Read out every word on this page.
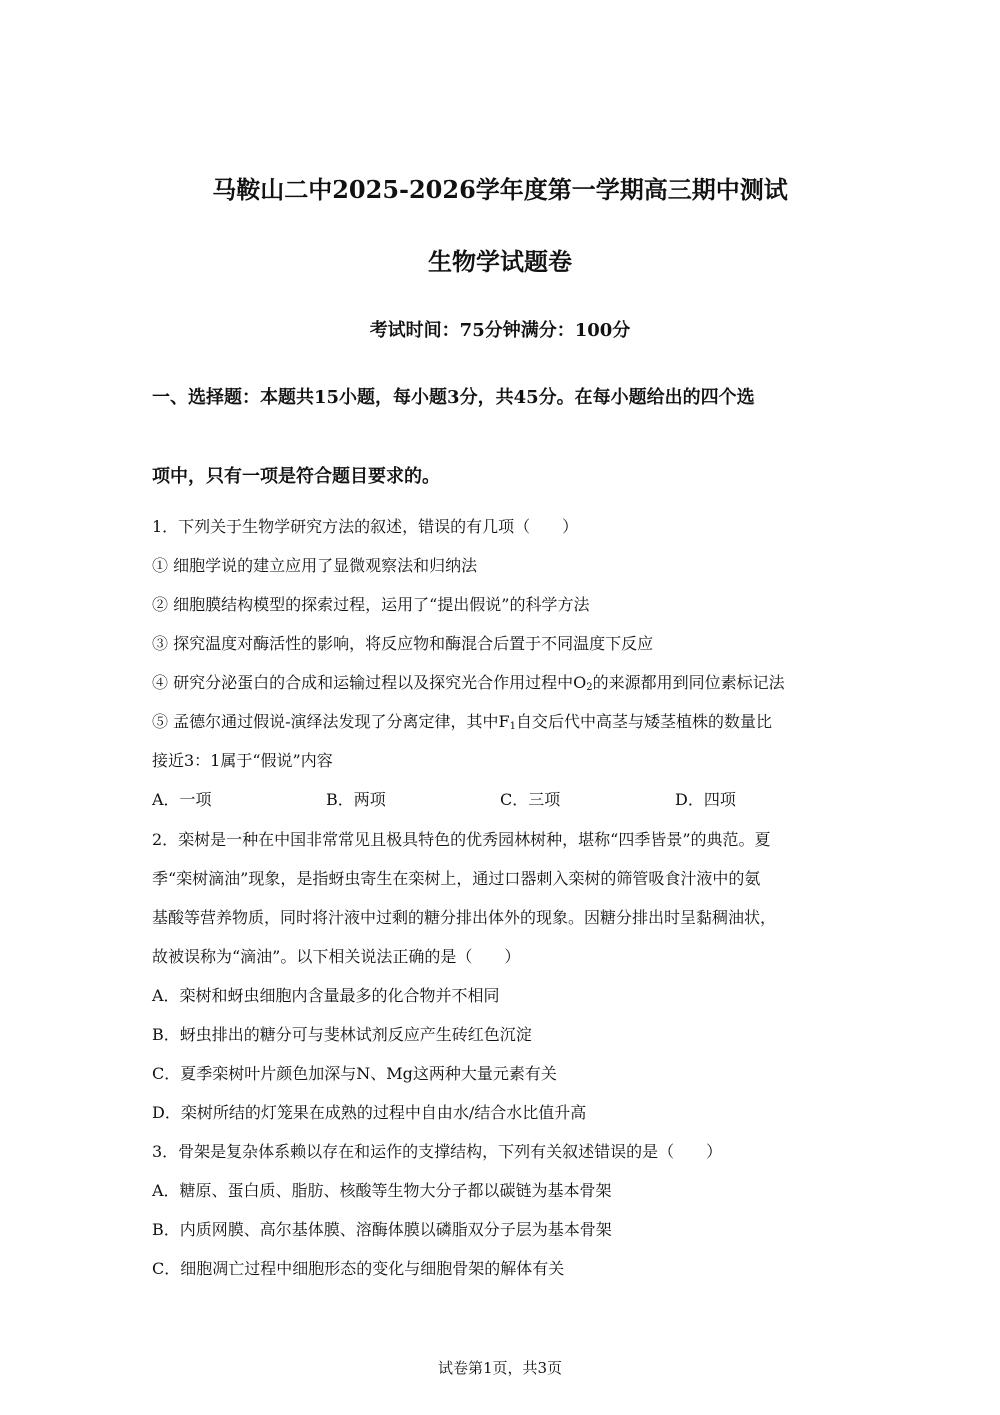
马鞍山二中2025-2026学年度第一学期高三期中测试
生物学试题卷
考试时间：75分钟满分：100分
一、选择题：本题共15小题，每小题3分，共45分。在每小题给出的四个选
项中，只有一项是符合题目要求的。
1．下列关于生物学研究方法的叙述，错误的有几项（　　）
① 细胞学说的建立应用了显微观察法和归纳法
② 细胞膜结构模型的探索过程，运用了“提出假说”的科学方法
③ 探究温度对酶活性的影响，将反应物和酶混合后置于不同温度下反应
④ 研究分泌蛋白的合成和运输过程以及探究光合作用过程中$O_2$的来源都用到同位素标记法
⑤ 孟德尔通过假说-演绎法发现了分离定律，其中$F_1$自交后代中高茎与矮茎植株的数量比
接近3：1属于“假说”内容
A．一项	B．两项	C．三项	D．四项
2．栾树是一种在中国非常常见且极具特色的优秀园林树种，堪称“四季皆景”的典范。夏
季“栾树滴油”现象，是指蚜虫寄生在栾树上，通过口器刺入栾树的筛管吸食汁液中的氨
基酸等营养物质，同时将汁液中过剩的糖分排出体外的现象。因糖分排出时呈黏稠油状，
故被误称为“滴油”。以下相关说法正确的是（　　）
A．栾树和蚜虫细胞内含量最多的化合物并不相同
B．蚜虫排出的糖分可与斐林试剂反应产生砖红色沉淀
C．夏季栾树叶片颜色加深与N、Mg这两种大量元素有关
D．栾树所结的灯笼果在成熟的过程中自由水/结合水比值升高
3．骨架是复杂体系赖以存在和运作的支撑结构，下列有关叙述错误的是（　　）
A．糖原、蛋白质、脂肪、核酸等生物大分子都以碳链为基本骨架
B．内质网膜、高尔基体膜、溶酶体膜以磷脂双分子层为基本骨架
C．细胞凋亡过程中细胞形态的变化与细胞骨架的解体有关
试卷第1页，共3页
